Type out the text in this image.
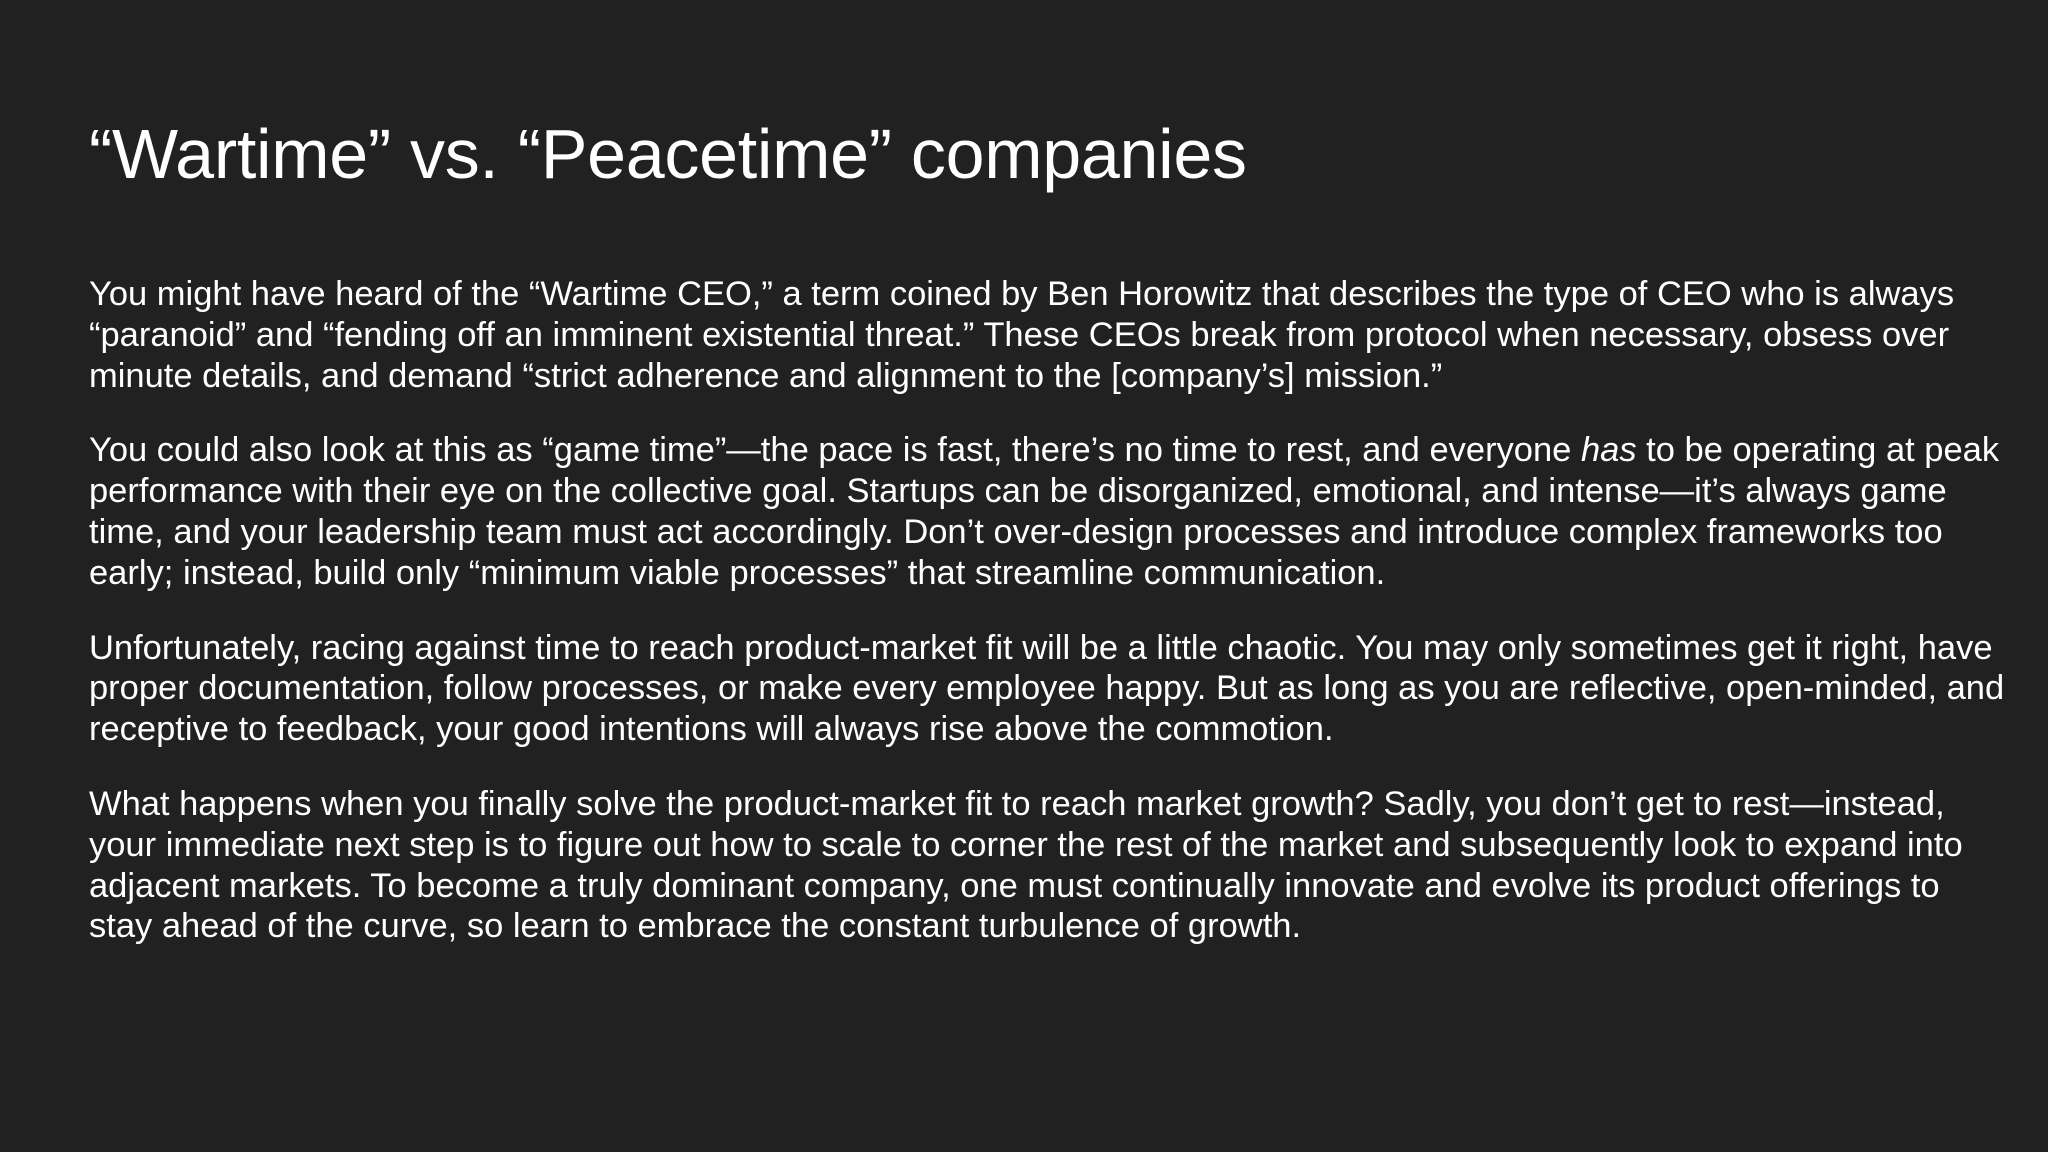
“Wartime” vs. “Peacetime” companies

You might have heard of the “Wartime CEO,” a term coined by Ben Horowitz that describes the type of CEO who is always “paranoid” and “fending off an imminent existential threat.” These CEOs break from protocol when necessary, obsess over minute details, and demand “strict adherence and alignment to the [company’s] mission.”

You could also look at this as “game time”—the pace is fast, there’s no time to rest, and everyone has to be operating at peak performance with their eye on the collective goal. Startups can be disorganized, emotional, and intense—it’s always game time, and your leadership team must act accordingly. Don’t over-design processes and introduce complex frameworks too early; instead, build only “minimum viable processes” that streamline communication.

Unfortunately, racing against time to reach product-market fit will be a little chaotic. You may only sometimes get it right, have proper documentation, follow processes, or make every employee happy. But as long as you are reflective, open-minded, and receptive to feedback, your good intentions will always rise above the commotion.

What happens when you finally solve the product-market fit to reach market growth? Sadly, you don’t get to rest—instead, your immediate next step is to figure out how to scale to corner the rest of the market and subsequently look to expand into adjacent markets. To become a truly dominant company, one must continually innovate and evolve its product offerings to stay ahead of the curve, so learn to embrace the constant turbulence of growth.
